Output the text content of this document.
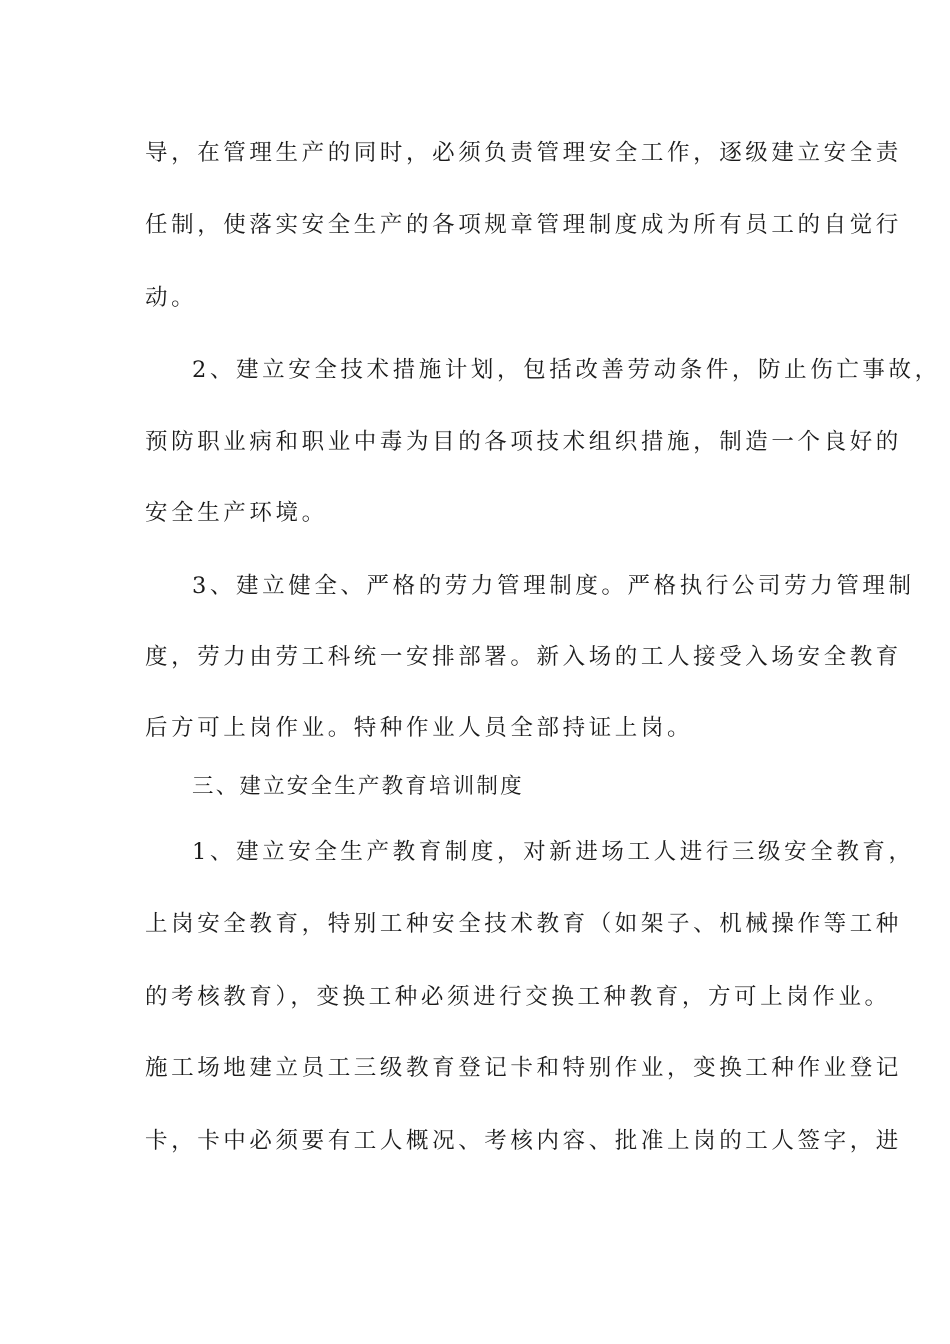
导，在管理生产的同时，必须负责管理安全工作，逐级建立安全责
任制，使落实安全生产的各项规章管理制度成为所有员工的自觉行
动。
2、建立安全技术措施计划，包括改善劳动条件，防止伤亡事故，
预防职业病和职业中毒为目的各项技术组织措施，制造一个良好的
安全生产环境。
3、建立健全、严格的劳力管理制度。严格执行公司劳力管理制
度，劳力由劳工科统一安排部署。新入场的工人接受入场安全教育
后方可上岗作业。特种作业人员全部持证上岗。
三、建立安全生产教育培训制度
1、建立安全生产教育制度，对新进场工人进行三级安全教育，
上岗安全教育，特别工种安全技术教育（如架子、机械操作等工种
的考核教育），变换工种必须进行交换工种教育，方可上岗作业。
施工场地建立员工三级教育登记卡和特别作业，变换工种作业登记
卡，卡中必须要有工人概况、考核内容、批准上岗的工人签字，进
